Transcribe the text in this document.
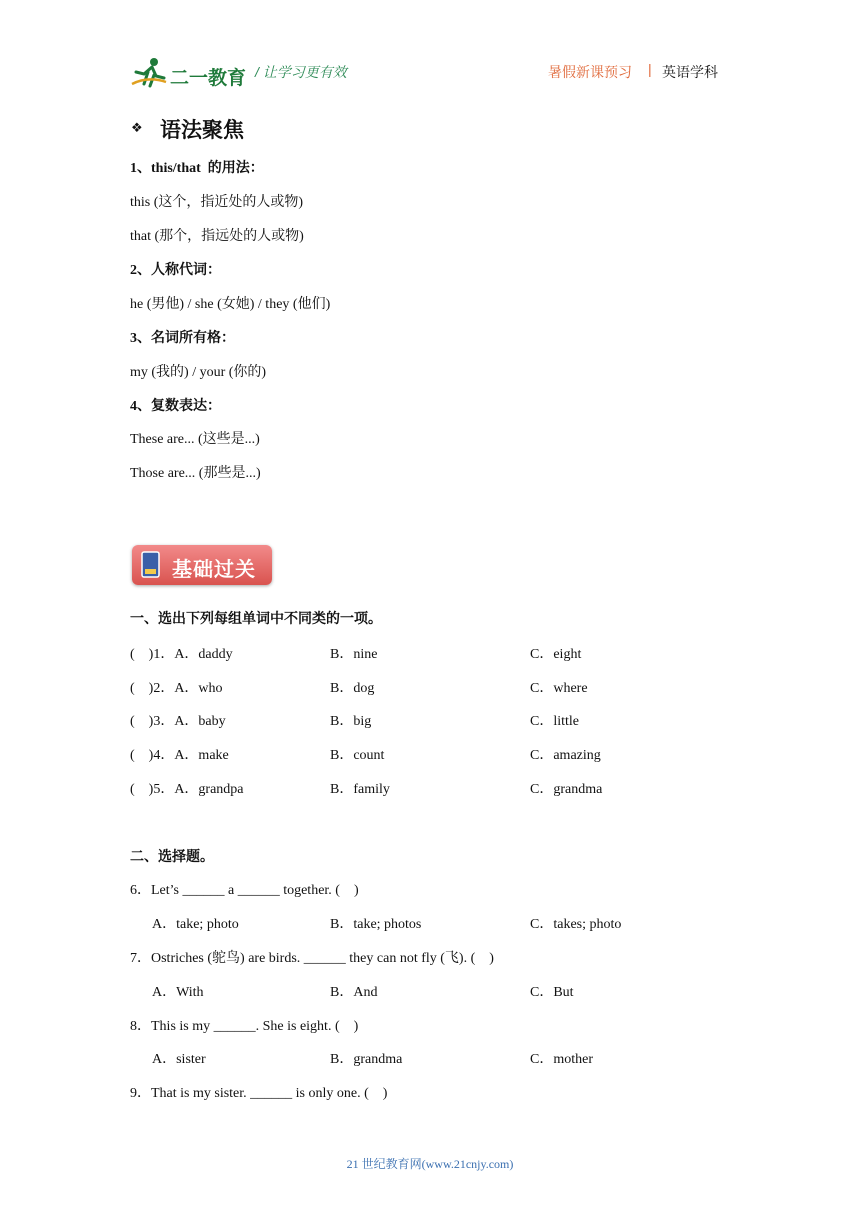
二一教育 / 让学习更有效	暑假新课预习 | 英语学科
❖ 语法聚焦
1、this/that  的用法：
this (这个，指近处的人或物)
that (那个，指远处的人或物)
2、人称代词：
he (男他) / she (女她) / they (他们)
3、名词所有格：
my (我的) / your (你的)
4、复数表达：
These are... (这些是...)
Those are... (那些是...)
基础过关
一、选出下列每组单词中不同类的一项。
(    )1．A．daddy	B．nine	C．eight
(    )2．A．who	B．dog	C．where
(    )3．A．baby	B．big	C．little
(    )4．A．make	B．count	C．amazing
(    )5．A．grandpa	B．family	C．grandma
二、选择题。
6．Let’s ______ a ______ together. (    )
A．take; photo	B．take; photos	C．takes; photo
7．Ostriches (鸵鸟) are birds. ______ they can not fly (飞). (    )
A．With	B．And	C．But
8．This is my ______. She is eight. (    )
A．sister	B．grandma	C．mother
9．That is my sister. ______ is only one. (    )
21 世纪教育网(www.21cnjy.com)
